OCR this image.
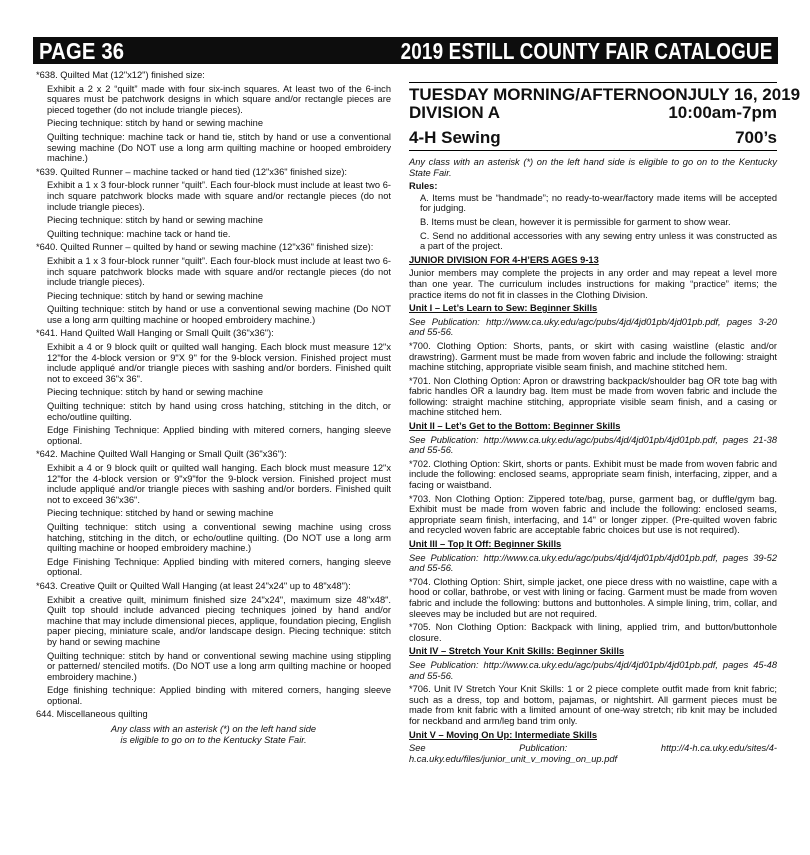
PAGE 36	2019 ESTILL COUNTY FAIR CATALOGUE

*638. Quilted Mat (12"x12") finished size:

Exhibit a 2 x 2 “quilt” made with four six-inch squares. At least two of the 6-inch squares must be patchwork designs in which square and/or rectangle pieces are pieced together (do not include triangle pieces).

Piecing technique: stitch by hand or sewing machine

Quilting technique: machine tack or hand tie, stitch by hand or use a conventional sewing machine (Do NOT use a long arm quilting machine or hooped embroidery machine.)

*639. Quilted Runner – machine tacked or hand tied (12"x36" finished size):

Exhibit a 1 x 3 four-block runner “quilt”. Each four-block must include at least two 6-inch square patchwork blocks made with square and/or rectangle pieces (do not include triangle pieces).

Piecing technique: stitch by hand or sewing machine

Quilting technique: machine tack or hand tie.

*640. Quilted Runner – quilted by hand or sewing machine (12"x36" finished size):

Exhibit a 1 x 3 four-block runner “quilt”. Each four-block must include at least two 6-inch square patchwork blocks made with square and/or rectangle pieces (do not include triangle pieces).

Piecing technique: stitch by hand or sewing machine

Quilting technique: stitch by hand or use a conventional sewing machine (Do NOT use a long arm quilting machine or hooped embroidery machine.)

*641. Hand Quilted Wall Hanging or Small Quilt (36"x36"):

Exhibit a 4 or 9 block quilt or quilted wall hanging. Each block must measure 12"x 12"for the 4-block version or 9"X 9" for the 9-block version. Finished project must include appliqué and/or triangle pieces with sashing and/or borders. Finished quilt not to exceed 36"x 36".

Piecing technique: stitch by hand or sewing machine

Quilting technique: stitch by hand using cross hatching, stitching in the ditch, or echo/outline quilting.

Edge Finishing Technique: Applied binding with mitered corners, hanging sleeve optional.

*642. Machine Quilted Wall Hanging or Small Quilt (36"x36"):

Exhibit a 4 or 9 block quilt or quilted wall hanging. Each block must measure 12"x 12"for the 4-block version or 9"x9"for the 9-block version. Finished project must include appliqué and/or triangle pieces with sashing and/or borders. Finished quilt not to exceed 36"x36".

Piecing technique: stitched by hand or sewing machine

Quilting technique: stitch using a conventional sewing machine using cross hatching, stitching in the ditch, or echo/outline quilting. (Do NOT use a long arm quilting machine or hooped embroidery machine.)

Edge Finishing Technique: Applied binding with mitered corners, hanging sleeve optional.

*643. Creative Quilt or Quilted Wall Hanging (at least 24"x24" up to 48"x48"):

Exhibit a creative quilt, minimum finished size 24"x24", maximum size 48"x48". Quilt top should include advanced piecing techniques joined by hand and/or machine that may include dimensional pieces, applique, foundation piecing, English paper piecing, miniature scale, and/or landscape design. Piecing technique: stitch by hand or sewing machine

Quilting technique: stitch by hand or conventional sewing machine using stippling or patterned/ stenciled motifs. (Do NOT use a long arm quilting machine or hooped embroidery machine.)

Edge finishing technique: Applied binding with mitered corners, hanging sleeve optional.

644. Miscellaneous quilting

Any class with an asterisk (*) on the left hand side
is eligible to go on to the Kentucky State Fair.
TUESDAY MORNING/AFTERNOON JULY 16, 2019
DIVISION A	10:00am-7pm
4-H Sewing	700’s

Any class with an asterisk (*) on the left hand side is eligible to go on to the Kentucky State Fair.

Rules:

A. Items must be “handmade”; no ready-to-wear/factory made items will be accepted for judging.

B. Items must be clean, however it is permissible for garment to show wear.

C. Send no additional accessories with any sewing entry unless it was constructed as a part of the project.

JUNIOR DIVISION FOR 4-H’ERS AGES 9-13

Junior members may complete the projects in any order and may repeat a level more than one year. The curriculum includes instructions for making “practice” items; the practice items do not fit in classes in the Clothing Division.

Unit I – Let’s Learn to Sew: Beginner Skills

See Publication: http://www.ca.uky.edu/agc/pubs/4jd/4jd01pb/4jd01pb.pdf, pages 3-20 and 55-56.

*700. Clothing Option: Shorts, pants, or skirt with casing waistline (elastic and/or drawstring). Garment must be made from woven fabric and include the following: straight machine stitching, appropriate visible seam finish, and machine stitched hem.

*701. Non Clothing Option: Apron or drawstring backpack/shoulder bag OR tote bag with fabric handles OR a laundry bag. Item must be made from woven fabric and include the following: straight machine stitching, appropriate visible seam finish, and a casing or machine stitched hem.

Unit II – Let’s Get to the Bottom: Beginner Skills

See Publication: http://www.ca.uky.edu/agc/pubs/4jd/4jd01pb/4jd01pb.pdf, pages 21-38 and 55-56.

*702. Clothing Option: Skirt, shorts or pants. Exhibit must be made from woven fabric and include the following: enclosed seams, appropriate seam finish, interfacing, zipper, and a facing or waistband.

*703. Non Clothing Option: Zippered tote/bag, purse, garment bag, or duffle/gym bag. Exhibit must be made from woven fabric and include the following: enclosed seams, appropriate seam finish, interfacing, and 14" or longer zipper. (Pre-quilted woven fabric and recycled woven fabric are acceptable fabric choices but use is not required).

Unit III – Top It Off: Beginner Skills

See Publication: http://www.ca.uky.edu/agc/pubs/4jd/4jd01pb/4jd01pb.pdf, pages 39-52 and 55-56.

*704. Clothing Option: Shirt, simple jacket, one piece dress with no waistline, cape with a hood or collar, bathrobe, or vest with lining or facing. Garment must be made from woven fabric and include the following: buttons and buttonholes. A simple lining, trim, collar, and sleeves may be included but are not required.

*705. Non Clothing Option: Backpack with lining, applied trim, and button/buttonhole closure.

Unit IV – Stretch Your Knit Skills: Beginner Skills

See Publication: http://www.ca.uky.edu/agc/pubs/4jd/4jd01pb/4jd01pb.pdf, pages 45-48 and 55-56.

*706. Unit IV Stretch Your Knit Skills: 1 or 2 piece complete outfit made from knit fabric; such as a dress, top and bottom, pajamas, or nightshirt. All garment pieces must be made from knit fabric with a limited amount of one-way stretch; rib knit may be included for neckband and arm/leg band trim only.

Unit V – Moving On Up: Intermediate Skills

See Publication: http://4-h.ca.uky.edu/sites/4-h.ca.uky.edu/files/junior_unit_v_moving_on_up.pdf
